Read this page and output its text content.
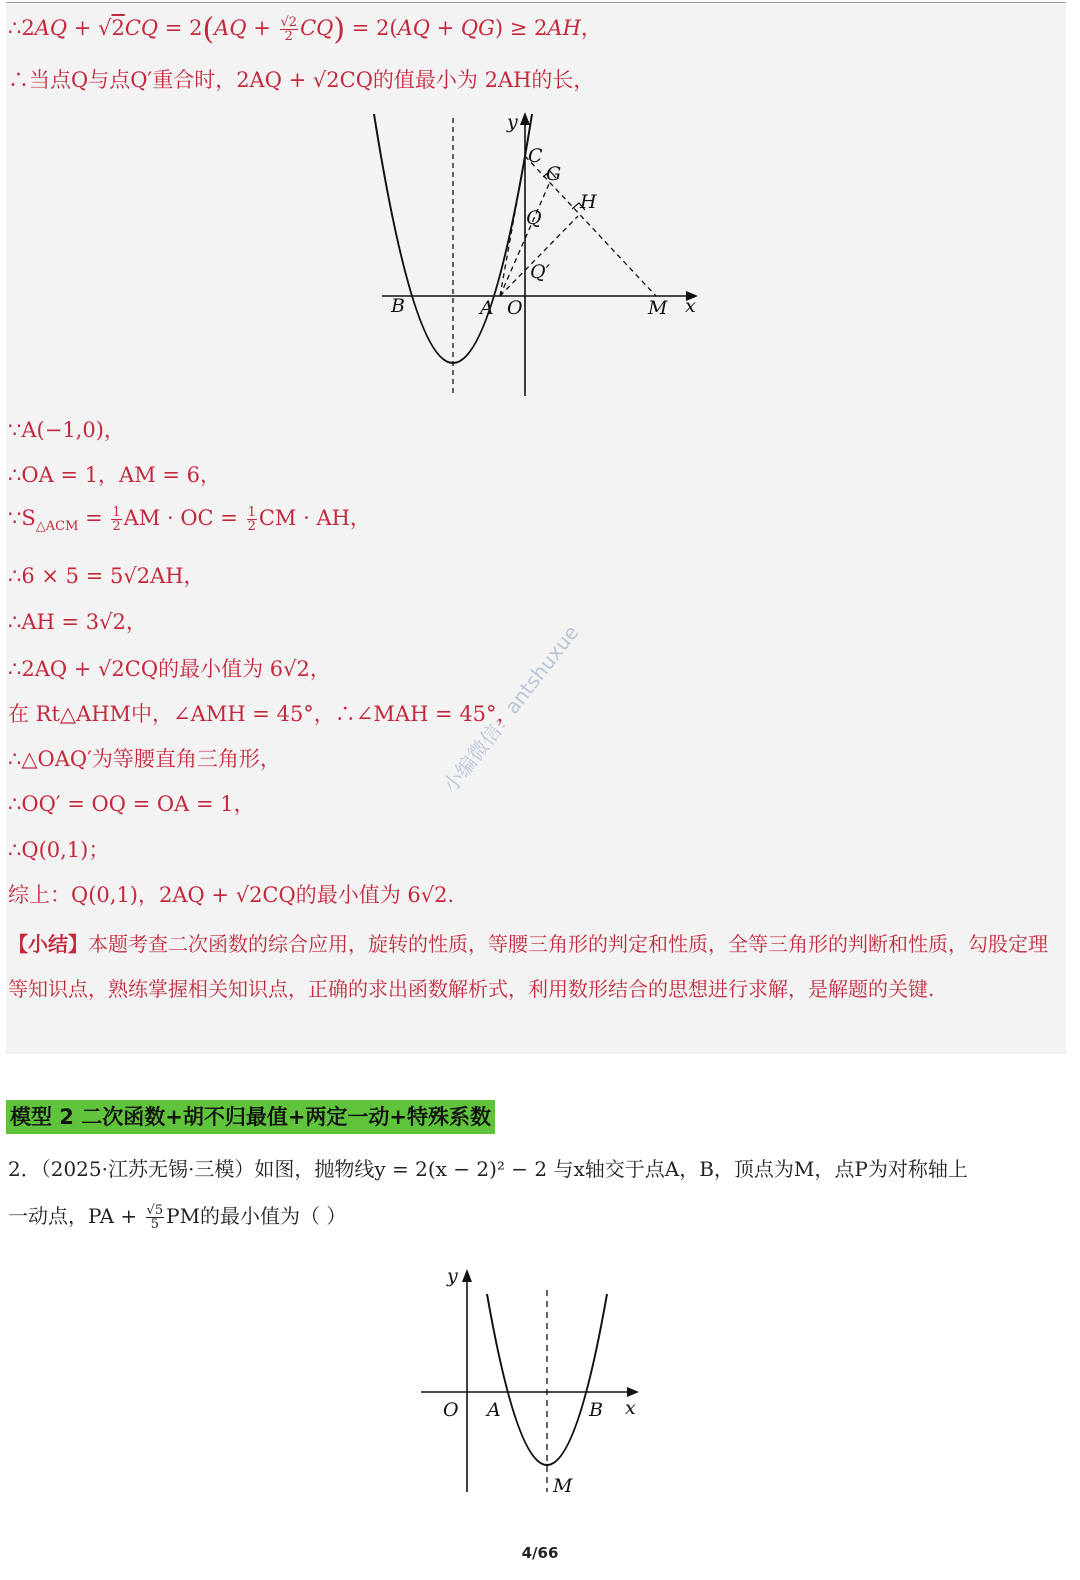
∴2AQ + $√2CQ = 2(AQ + \frac{√2}{2} CQ) = 2(AQ + QG) \ge 2AH$，
∴当点Q与点Q′重合时，2AQ + √2CQ的值最小为 2AH的长，
y
x
C
G
H
Q
Q′
B	A O	M
∵A(−1,0)，
∴OA = 1，AM = 6，
$\because S_{\triangle ACM} = \frac{1}{2}$ AM · OC = $\frac{1}{2}$ CM · AH，
∴6 × 5 = 5√2AH，
∴AH = 3√2，
∴2AQ + √2CQ的最小值为 6√2，
在 Rt△AHM中，∠AMH = 45°，∴∠MAH = 45°，
∴△OAQ′为等腰直角三角形，
∴OQ′ = OQ = OA = 1，
∴Q(0,1)；
综上：Q(0,1)，2AQ + √2CQ的最小值为 6√2.
小编微信：antshuxue
【小结】本题考查二次函数的综合应用，旋转的性质，等腰三角形的判定和性质，全等三角形的判断和性质，勾股定理等知识点，熟练掌握相关知识点，正确的求出函数解析式，利用数形结合的思想进行求解，是解题的关键.
模型 2 二次函数+胡不归最值+两定一动+特殊系数
2．（2025·江苏无锡·三模）如图，抛物线y = 2(x − 2)² − 2 与x轴交于点A，B，顶点为M，点P为对称轴上
一动点，PA + $\frac{√5}{5}$ PM的最小值为（ ）
y
x
O A	B
M
4/66
